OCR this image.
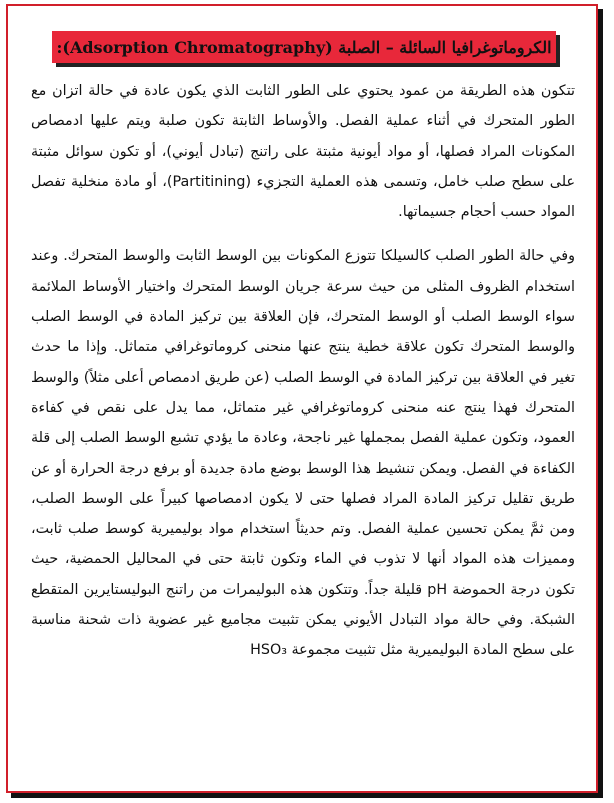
الكروماتوغرافيا السائلة – الصلبة (Adsorption Chromatography):

تتكون هذه الطريقة من عمود يحتوي على الطور الثابت الذي يكون عادة في حالة اتزان مع الطور المتحرك في أثناء عملية الفصل. والأوساط الثابتة تكون صلبة ويتم عليها ادمصاص المكونات المراد فصلها، أو مواد أيونية مثبتة على راتنج (تبادل أيوني)، أو تكون سوائل مثبتة على سطح صلب خامل، وتسمى هذه العملية التجزيء (Partitining)، أو مادة منخلية تفصل المواد حسب أحجام جسيماتها.

وفي حالة الطور الصلب كالسيلكا تتوزع المكونات بين الوسط الثابت والوسط المتحرك. وعند استخدام الظروف المثلى من حيث سرعة جريان الوسط المتحرك واختيار الأوساط الملائمة سواء الوسط الصلب أو الوسط المتحرك، فإن العلاقة بين تركيز المادة في الوسط الصلب والوسط المتحرك تكون علاقة خطية ينتج عنها منحنى كروماتوغرافي متماثل. وإذا ما حدث تغير في العلاقة بين تركيز المادة في الوسط الصلب (عن طريق ادمصاص أعلى مثلاً) والوسط المتحرك فهذا ينتج عنه منحنى كروماتوغرافي غير متماثل، مما يدل على نقص في كفاءة العمود، وتكون عملية الفصل بمجملها غير ناجحة، وعادة ما يؤدي تشبع الوسط الصلب إلى قلة الكفاءة في الفصل. ويمكن تنشيط هذا الوسط بوضع مادة جديدة أو برفع درجة الحرارة أو عن طريق تقليل تركيز المادة المراد فصلها حتى لا يكون ادمصاصها كبيراً على الوسط الصلب، ومن ثمَّ يمكن تحسين عملية الفصل. وتم حديثاً استخدام مواد بوليميرية كوسط صلب ثابت، ومميزات هذه المواد أنها لا تذوب في الماء وتكون ثابتة حتى في المحاليل الحمضية، حيث تكون درجة الحموضة pH قليلة جداً. وتتكون هذه البوليمرات من راتنج البوليستايرين المتقطع الشبكة. وفي حالة مواد التبادل الأيوني يمكن تثبيت مجاميع غير عضوية ذات شحنة مناسبة على سطح المادة البوليميرية مثل تثبيت مجموعة HSO₃
